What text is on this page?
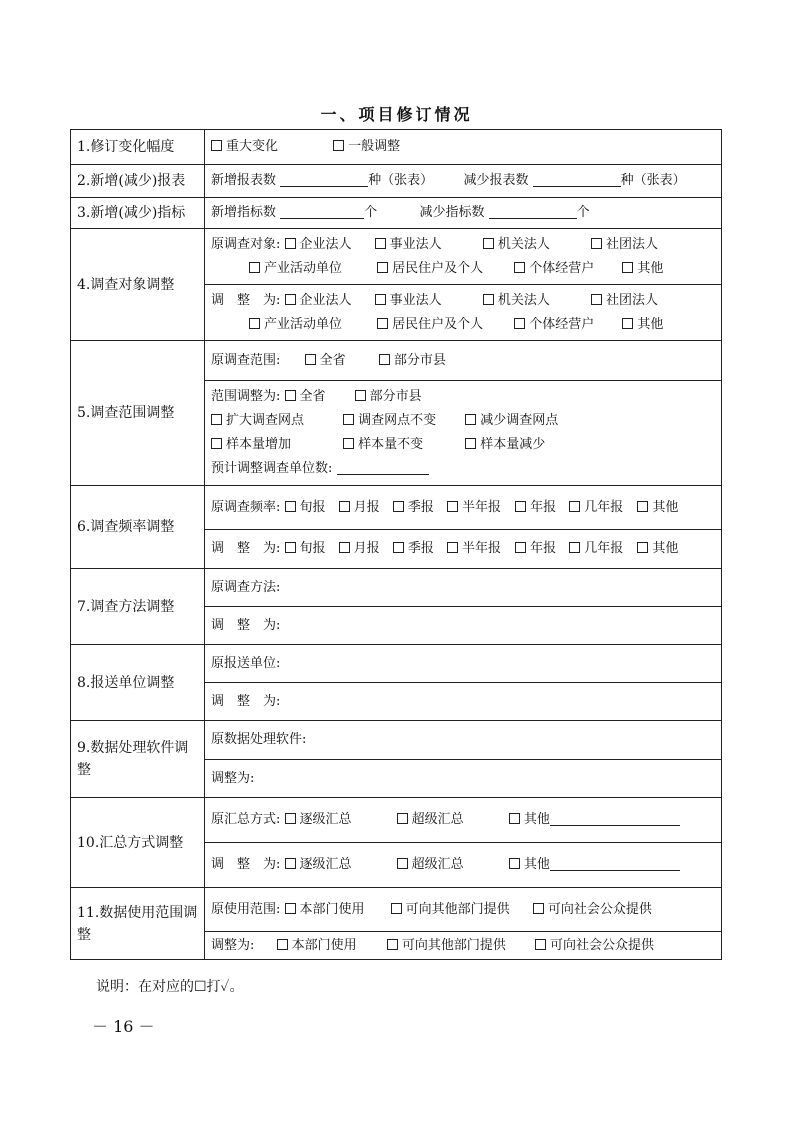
一、项目修订情况
1.修订变化幅度	重大变化 一般调整

2.新增(减少)报表	新增报表数 种（张表） 减少报表数 种（张表）

3.新增(减少)指标	新增指标数 个 减少指标数 个

4.调查对象调整	原调查对象: 企业法人 事业法人 机关法人 社团法人
产业活动单位 居民住户及个人 个体经营户 其他

	调　整　为: 企业法人 事业法人 机关法人 社团法人
产业活动单位 居民住户及个人 个体经营户 其他

5.调查范围调整	原调查范围: 全省 部分市县

	范围调整为: 全省 部分市县
扩大调查网点 调查网点不变 减少调查网点
样本量增加 样本量不变 样本量减少
预计调整调查单位数:

6.调查频率调整	原调查频率: 旬报 月报 季报 半年报 年报 几年报 其他

	调　整　为: 旬报 月报 季报 半年报 年报 几年报 其他

7.调查方法调整	原调查方法:

	调　整　为:

8.报送单位调整	原报送单位:

	调　整　为:

9.数据处理软件调整	原数据处理软件:

	调整为:

10.汇总方式调整	原汇总方式: 逐级汇总 超级汇总 其他

	调　整　为: 逐级汇总 超级汇总 其他

11.数据使用范围调整	原使用范围: 本部门使用 可向其他部门提供 可向社会公众提供

	调整为: 本部门使用 可向其他部门提供 可向社会公众提供
说明：在对应的☐打✓。
－ 16 －
